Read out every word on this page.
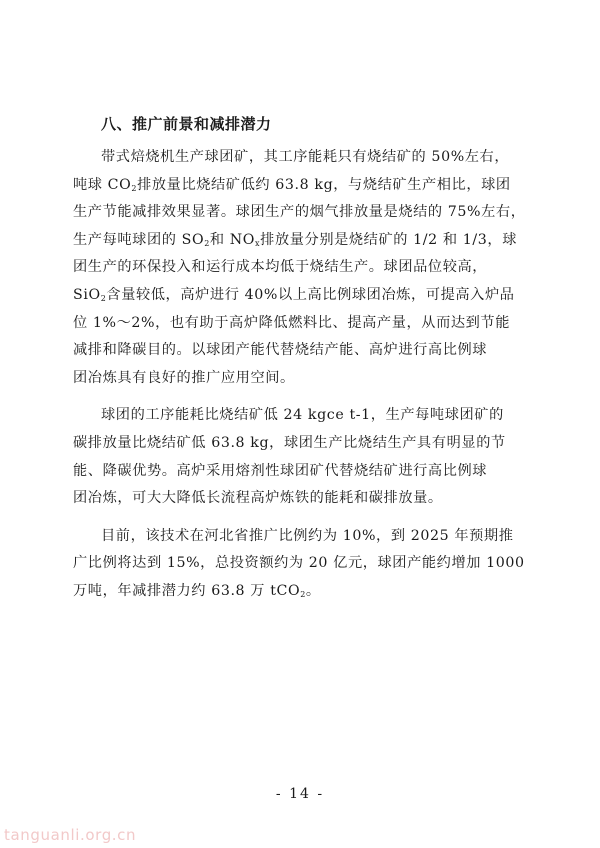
八、推广前景和减排潜力
带式焙烧机生产球团矿，其工序能耗只有烧结矿的 50%左右，
吨球 $CO_2$排放量比烧结矿低约 63.8 kg，与烧结矿生产相比，球团
生产节能减排效果显著。球团生产的烟气排放量是烧结的 75%左右，
生产每吨球团的 $SO_2$和 $NO_x$排放量分别是烧结矿的 1/2 和 1/3，球
团生产的环保投入和运行成本均低于烧结生产。球团品位较高，
SiO$_2$含量较低，高炉进行 40%以上高比例球团冶炼，可提高入炉品
位 1%～2%，也有助于高炉降低燃料比、提高产量，从而达到节能
减排和降碳目的。以球团产能代替烧结产能、高炉进行高比例球
团冶炼具有良好的推广应用空间。
球团的工序能耗比烧结矿低 24 kgce t-1，生产每吨球团矿的
碳排放量比烧结矿低 63.8 kg，球团生产比烧结生产具有明显的节
能、降碳优势。高炉采用熔剂性球团矿代替烧结矿进行高比例球
团冶炼，可大大降低长流程高炉炼铁的能耗和碳排放量。
目前，该技术在河北省推广比例约为 10%，到 2025 年预期推
广比例将达到 15%，总投资额约为 20 亿元，球团产能约增加 1000
万吨，年减排潜力约 63.8 万 tCO$_2$。
- 14 -
tanguanli.org.cn
